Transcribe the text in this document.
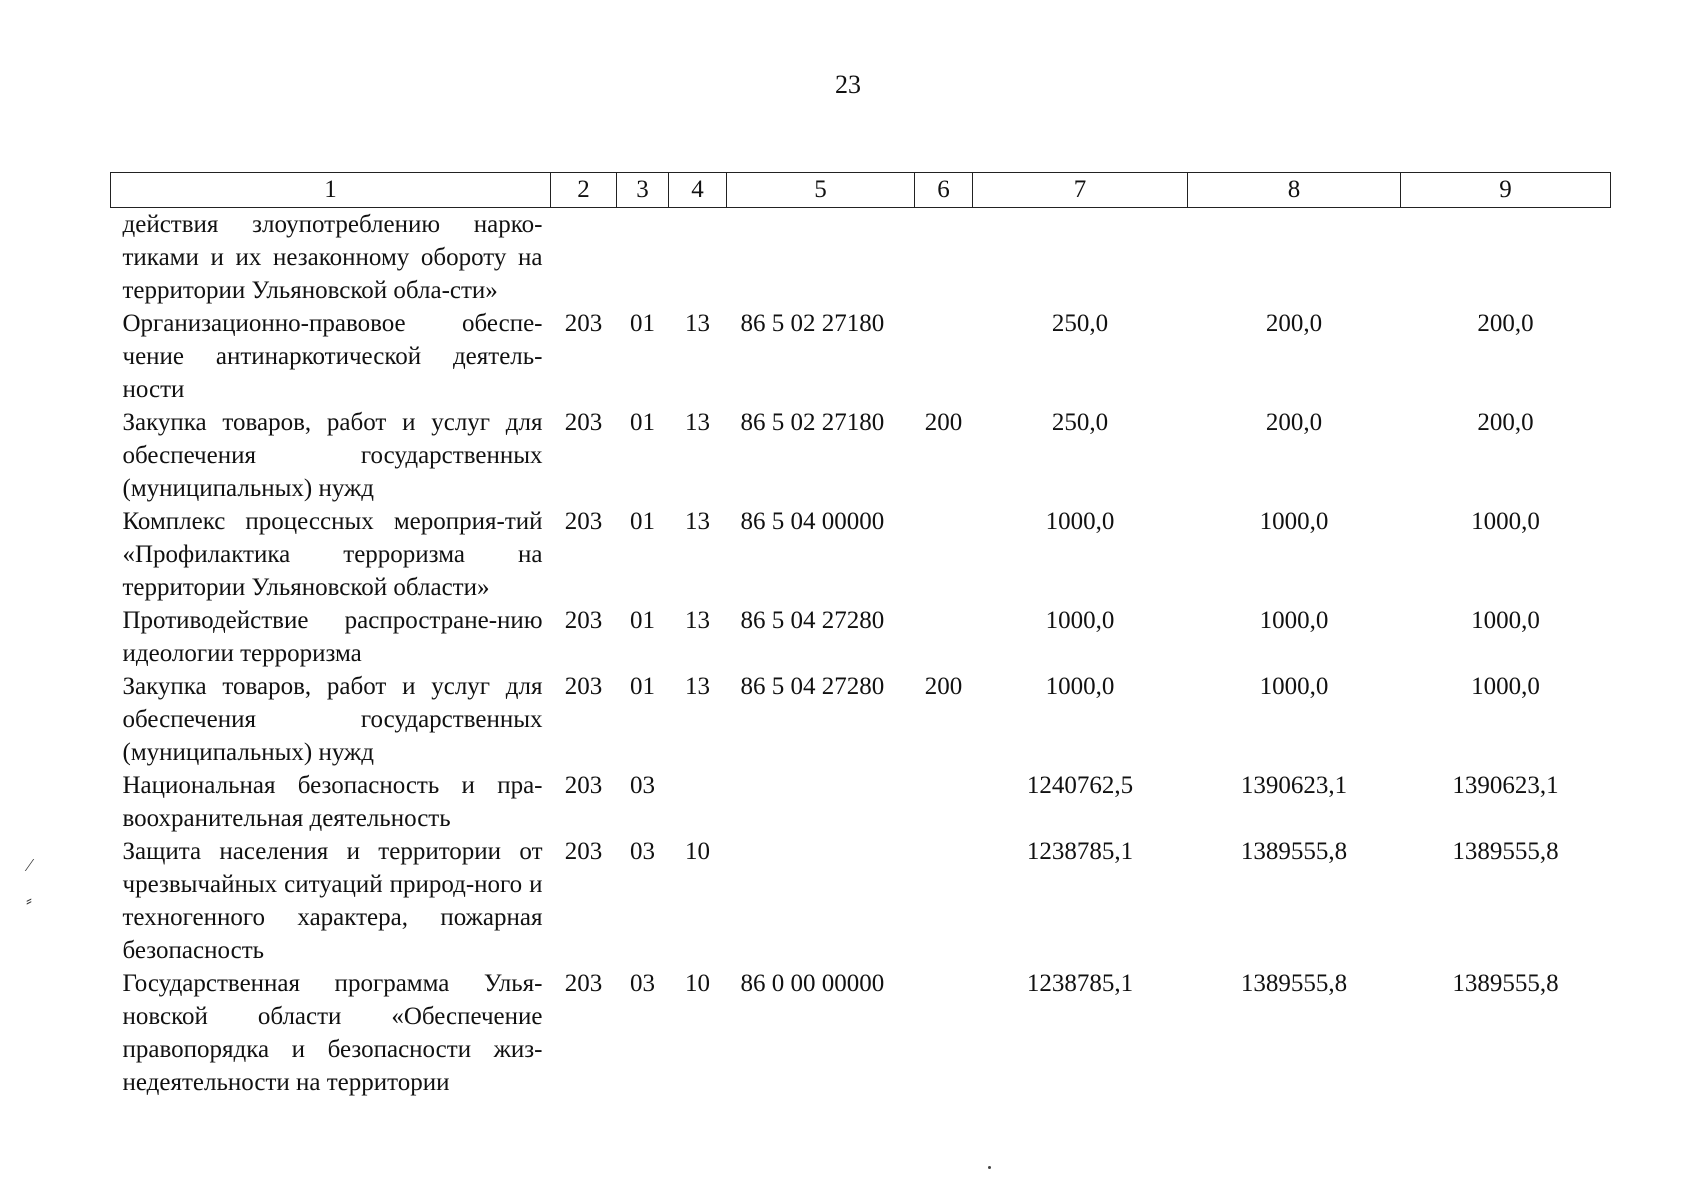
23
1	2	3	4	5	6	7	8	9
действия злоупотреблению нарко-тиками и их незаконному обороту на территории Ульяновской обла-сти»								
Организационно-правовое обеспе-чение антинаркотической деятель-ности	203	01	13	86 5 02 27180		250,0	200,0	200,0
Закупка товаров, работ и услуг для обеспечения государственных (муниципальных) нужд	203	01	13	86 5 02 27180	200	250,0	200,0	200,0
Комплекс процессных мероприя-тий «Профилактика терроризма на территории Ульяновской области»	203	01	13	86 5 04 00000		1000,0	1000,0	1000,0
Противодействие распростране-нию идеологии терроризма	203	01	13	86 5 04 27280		1000,0	1000,0	1000,0
Закупка товаров, работ и услуг для обеспечения государственных (муниципальных) нужд	203	01	13	86 5 04 27280	200	1000,0	1000,0	1000,0
Национальная безопасность и пра-воохранительная деятельность	203	03				1240762,5	1390623,1	1390623,1
Защита населения и территории от чрезвычайных ситуаций природ-ного и техногенного характера, пожарная безопасность	203	03	10			1238785,1	1389555,8	1389555,8
Государственная программа Улья-новской области «Обеспечение правопорядка и безопасности жиз-недеятельности на территории	203	03	10	86 0 00 00000		1238785,1	1389555,8	1389555,8
⁄
⸗
